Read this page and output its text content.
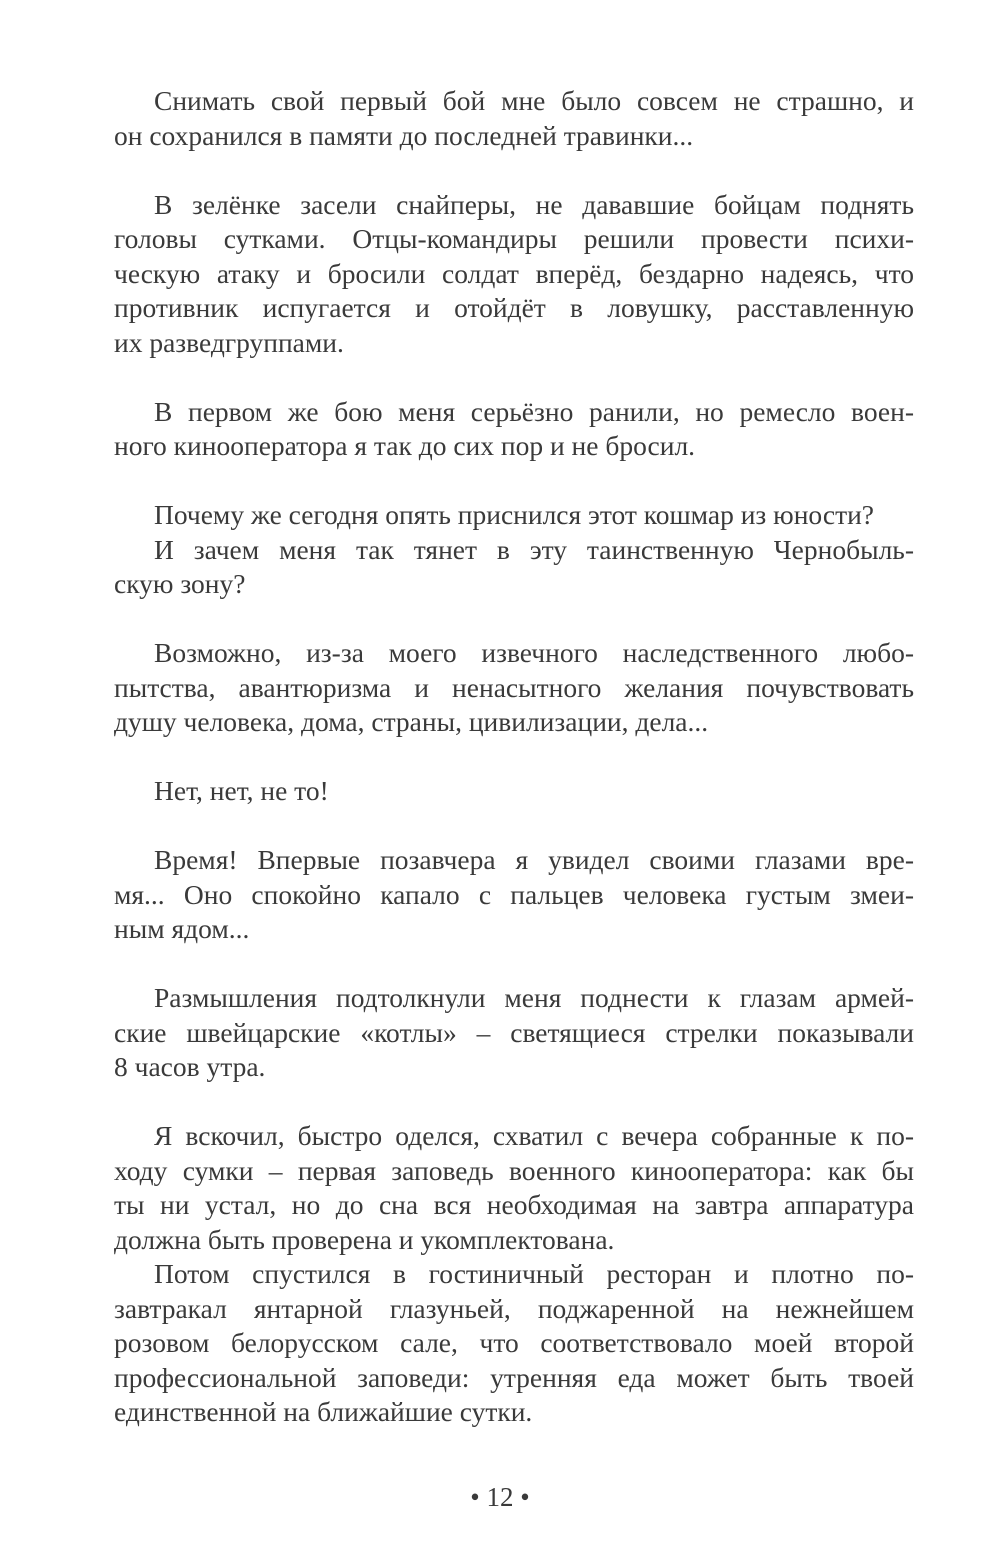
Снимать свой первый бой мне было совсем не страшно, и
он сохранился в памяти до последней травинки...
В зелёнке засели снайперы, не дававшие бойцам поднять
головы сутками. Отцы-командиры решили провести психи-
ческую атаку и бросили солдат вперёд, бездарно надеясь, что
противник испугается и отойдёт в ловушку, расставленную
их разведгруппами.
В первом же бою меня серьёзно ранили, но ремесло воен-
ного кинооператора я так до сих пор и не бросил.
Почему же сегодня опять приснился этот кошмар из юности?
И зачем меня так тянет в эту таинственную Чернобыль-
скую зону?
Возможно, из-за моего извечного наследственного любо-
пытства, авантюризма и ненасытного желания почувствовать
душу человека, дома, страны, цивилизации, дела...
Нет, нет, не то!
Время! Впервые позавчера я увидел своими глазами вре-
мя... Оно спокойно капало с пальцев человека густым змеи-
ным ядом...
Размышления подтолкнули меня поднести к глазам армей-
ские швейцарские «котлы» – светящиеся стрелки показывали
8 часов утра.
Я вскочил, быстро оделся, схватил с вечера собранные к по-
ходу сумки – первая заповедь военного кинооператора: как бы
ты ни устал, но до сна вся необходимая на завтра аппаратура
должна быть проверена и укомплектована.
Потом спустился в гостиничный ресторан и плотно по-
завтракал янтарной глазуньей, поджаренной на нежнейшем
розовом белорусском сале, что соответствовало моей второй
профессиональной заповеди: утренняя еда может быть твоей
единственной на ближайшие сутки.
• 12 •
